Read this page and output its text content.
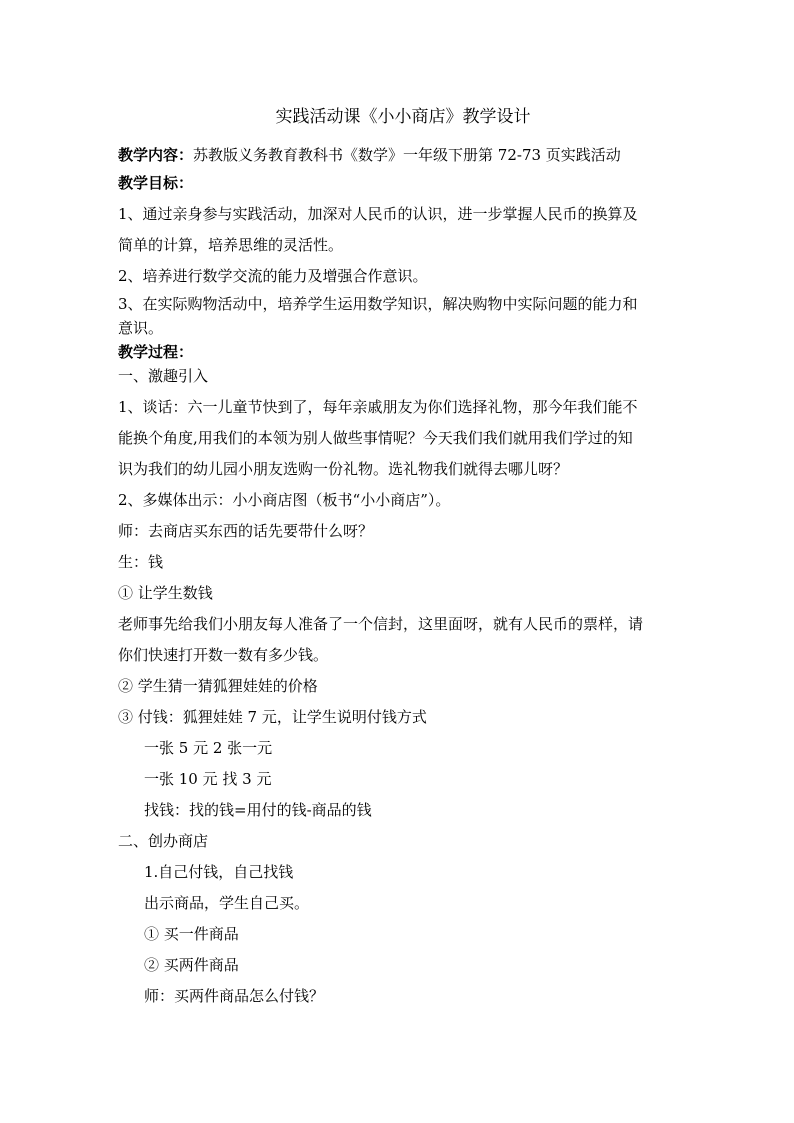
实践活动课《小小商店》教学设计
教学内容：苏教版义务教育教科书《数学》一年级下册第 72-73 页实践活动
教学目标：
1、通过亲身参与实践活动，加深对人民币的认识，进一步掌握人民币的换算及
简单的计算，培养思维的灵活性。
2、培养进行数学交流的能力及增强合作意识。
3、在实际购物活动中，培养学生运用数学知识，解决购物中实际问题的能力和
意识。
教学过程：
一、激趣引入
1、谈话：六一儿童节快到了，每年亲戚朋友为你们选择礼物，那今年我们能不
能换个角度,用我们的本领为别人做些事情呢？今天我们我们就用我们学过的知
识为我们的幼儿园小朋友选购一份礼物。选礼物我们就得去哪儿呀？
2、多媒体出示：小小商店图（板书“小小商店”）。
师：去商店买东西的话先要带什么呀？
生：钱
① 让学生数钱
老师事先给我们小朋友每人准备了一个信封，这里面呀，就有人民币的票样，请
你们快速打开数一数有多少钱。
② 学生猜一猜狐狸娃娃的价格
③ 付钱：狐狸娃娃 7 元，让学生说明付钱方式
一张 5 元 2 张一元
一张 10 元 找 3 元
找钱：找的钱=用付的钱-商品的钱
二、创办商店
1.自己付钱，自己找钱
出示商品，学生自己买。
① 买一件商品
② 买两件商品
师：买两件商品怎么付钱？
